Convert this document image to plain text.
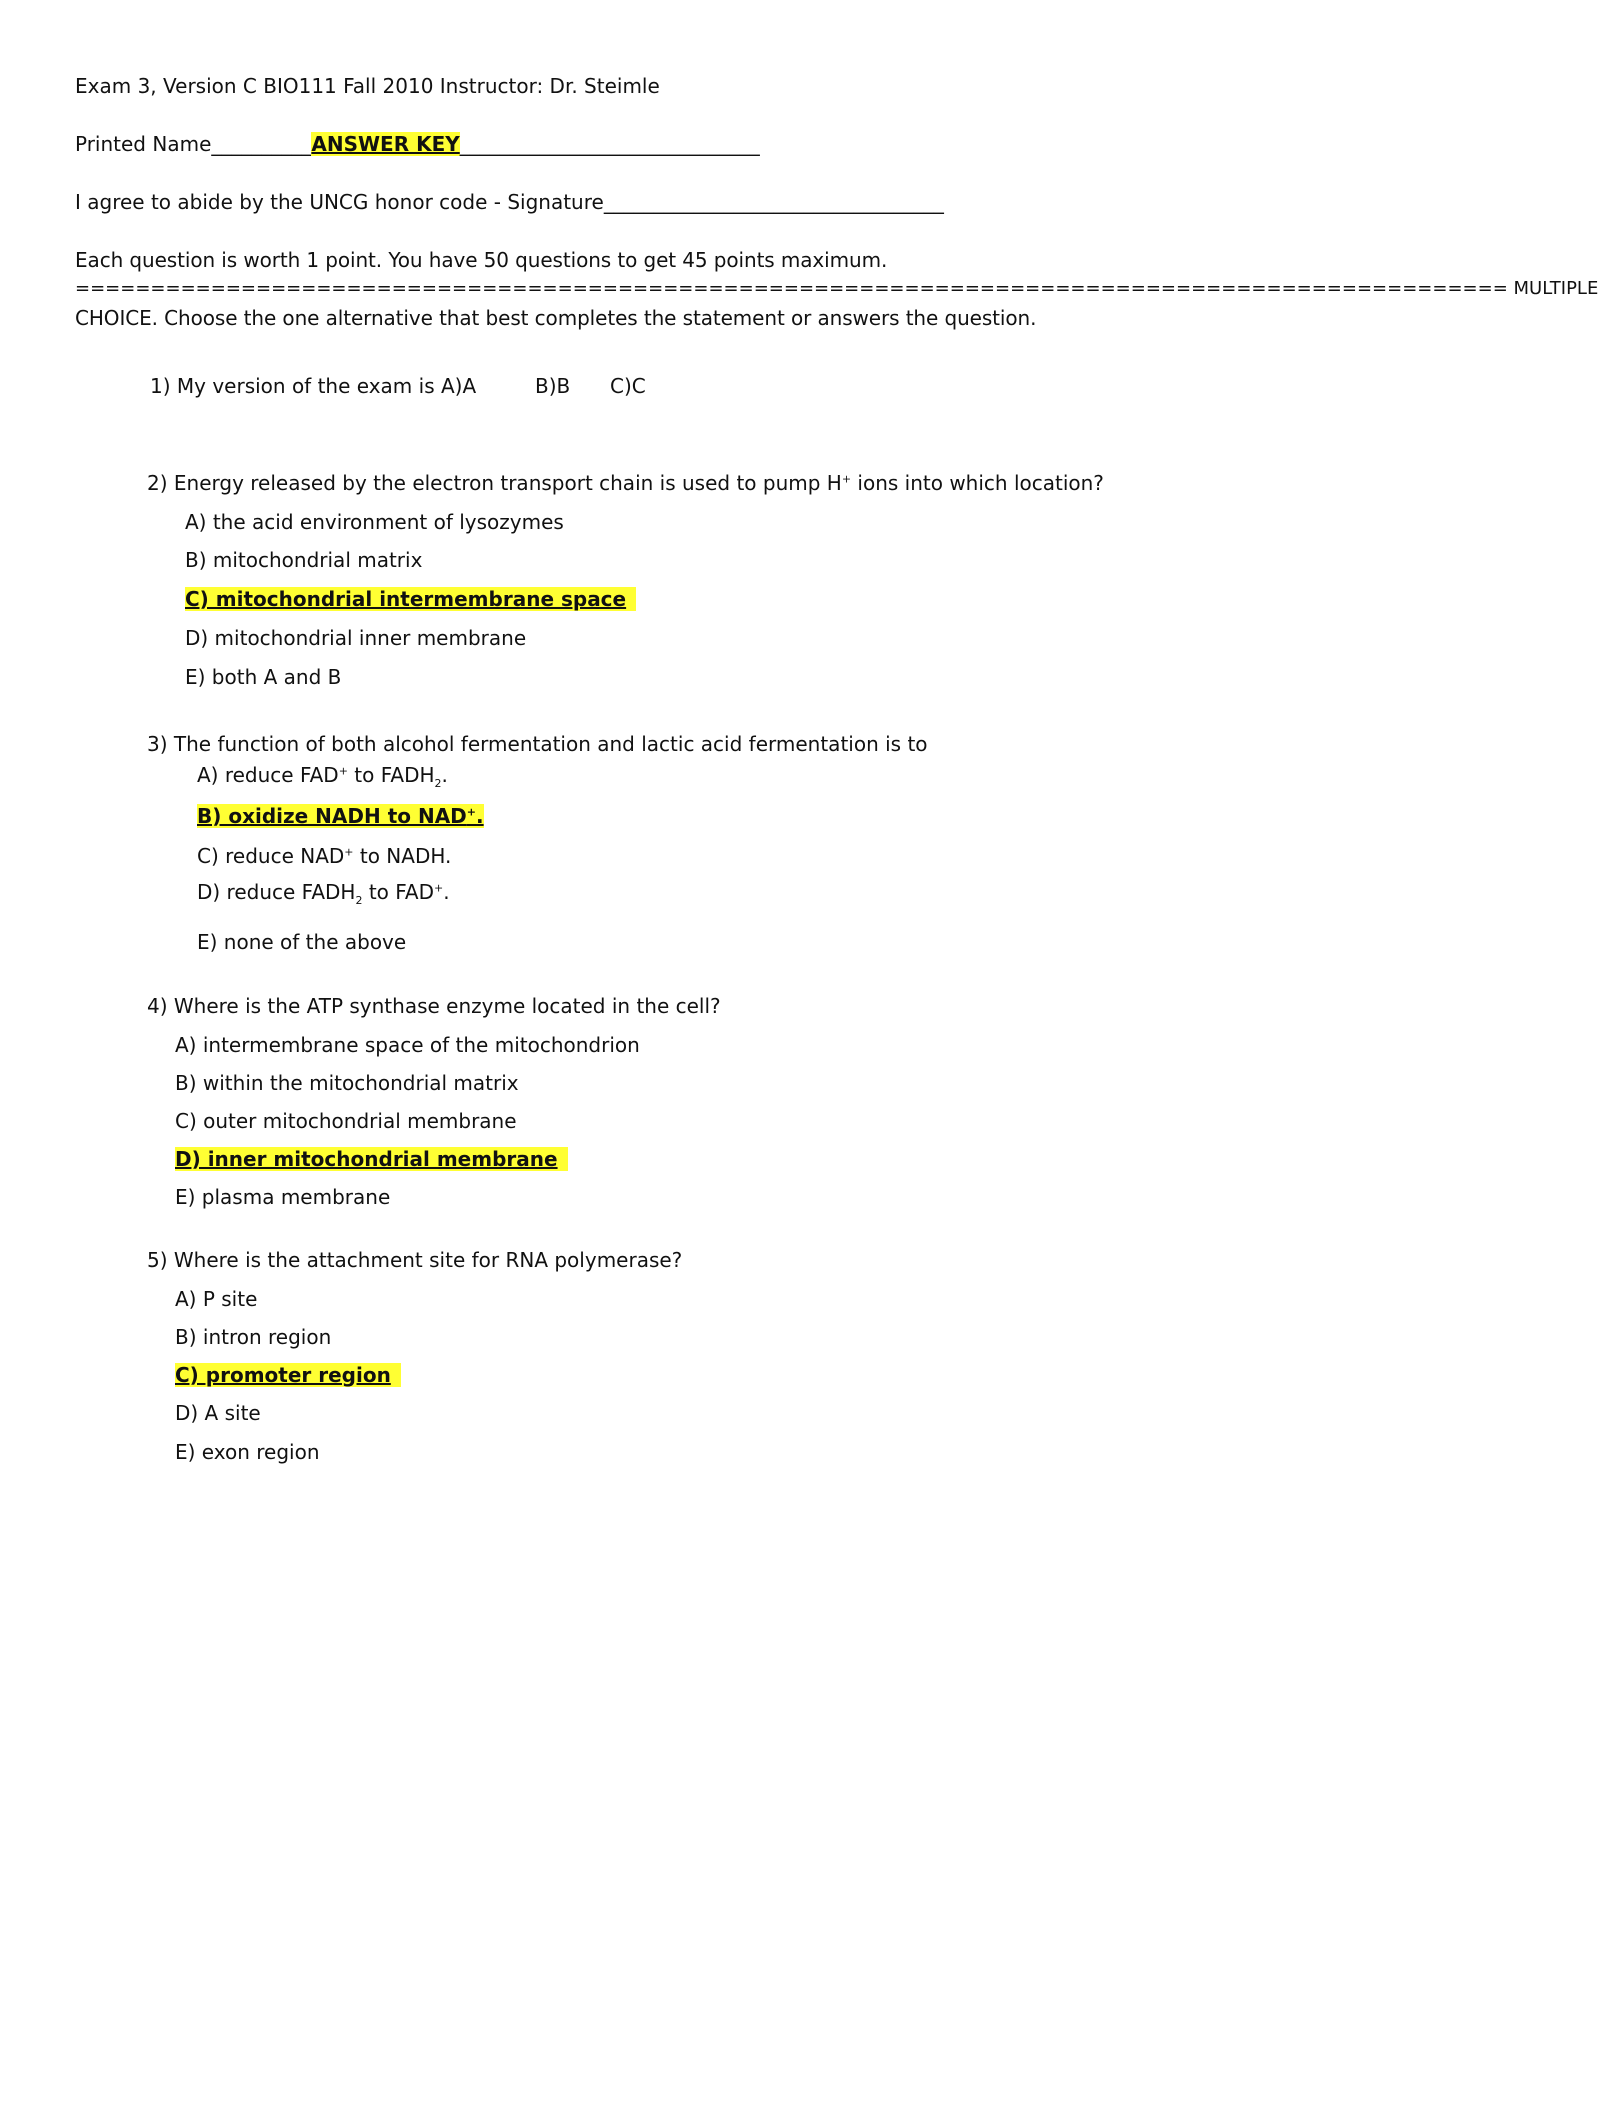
Exam 3, Version C BIO111 Fall 2010 Instructor: Dr. Steimle
Printed Name__________ANSWER KEY______________________________
I agree to abide by the UNCG honor code - Signature__________________________________
Each question is worth 1 point. You have 50 questions to get 45 points maximum.
=============================================================================================== MULTIPLE
CHOICE. Choose the one alternative that best completes the statement or answers the question.
1) My version of the exam is A)A	B)B C)C
2) Energy released by the electron transport chain is used to pump H+ ions into which location?
A) the acid environment of lysozymes
B) mitochondrial matrix
C) mitochondrial intermembrane space
D) mitochondrial inner membrane
E) both A and B
3) The function of both alcohol fermentation and lactic acid fermentation is to
A) reduce FAD+ to $FADH_2$.
B) oxidize NADH to NAD+.
C) reduce NAD+ to NADH.
D) reduce $FADH_2$ to FAD+.
E) none of the above
4) Where is the ATP synthase enzyme located in the cell?
A) intermembrane space of the mitochondrion
B) within the mitochondrial matrix
C) outer mitochondrial membrane
D) inner mitochondrial membrane
E) plasma membrane
5) Where is the attachment site for RNA polymerase?
A) P site
B) intron region
C) promoter region
D) A site
E) exon region
